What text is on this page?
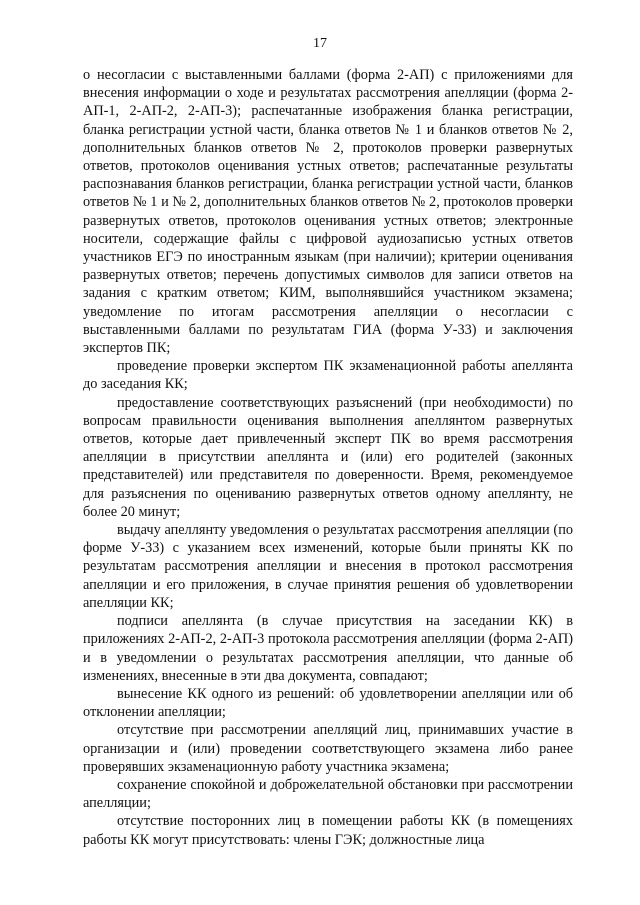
17

о несогласии с выставленными баллами (форма 2-АП) с приложениями для внесения информации о ходе и результатах рассмотрения апелляции (форма 2-АП-1, 2-АП-2, 2-АП-3); распечатанные изображения бланка регистрации, бланка регистрации устной части, бланка ответов № 1 и бланков ответов № 2, дополнительных бланков ответов № 2, протоколов проверки развернутых ответов, протоколов оценивания устных ответов; распечатанные результаты распознавания бланков регистрации, бланка регистрации устной части, бланков ответов № 1 и № 2, дополнительных бланков ответов № 2, протоколов проверки развернутых ответов, протоколов оценивания устных ответов; электронные носители, содержащие файлы с цифровой аудиозаписью устных ответов участников ЕГЭ по иностранным языкам (при наличии); критерии оценивания развернутых ответов; перечень допустимых символов для записи ответов на задания с кратким ответом; КИМ, выполнявшийся участником экзамена; уведомление по итогам рассмотрения апелляции о несогласии с выставленными баллами по результатам ГИА (форма У-33) и заключения экспертов ПК;

проведение проверки экспертом ПК экзаменационной работы апеллянта до заседания КК;

предоставление соответствующих разъяснений (при необходимости) по вопросам правильности оценивания выполнения апеллянтом развернутых ответов, которые дает привлеченный эксперт ПК во время рассмотрения апелляции в присутствии апеллянта и (или) его родителей (законных представителей) или представителя по доверенности. Время, рекомендуемое для разъяснения по оцениванию развернутых ответов одному апеллянту, не более 20 минут;

выдачу апеллянту уведомления о результатах рассмотрения апелляции (по форме У-33) с указанием всех изменений, которые были приняты КК по результатам рассмотрения апелляции и внесения в протокол рассмотрения апелляции и его приложения, в случае принятия решения об удовлетворении апелляции КК;

подписи апеллянта (в случае присутствия на заседании КК) в приложениях 2-АП-2, 2-АП-3 протокола рассмотрения апелляции (форма 2-АП) и в уведомлении о результатах рассмотрения апелляции, что данные об изменениях, внесенные в эти два документа, совпадают;

вынесение КК одного из решений: об удовлетворении апелляции или об отклонении апелляции;

отсутствие при рассмотрении апелляций лиц, принимавших участие в организации и (или) проведении соответствующего экзамена либо ранее проверявших экзаменационную работу участника экзамена;

сохранение спокойной и доброжелательной обстановки при рассмотрении апелляции;

отсутствие посторонних лиц в помещении работы КК (в помещениях работы КК могут присутствовать: члены ГЭК; должностные лица
